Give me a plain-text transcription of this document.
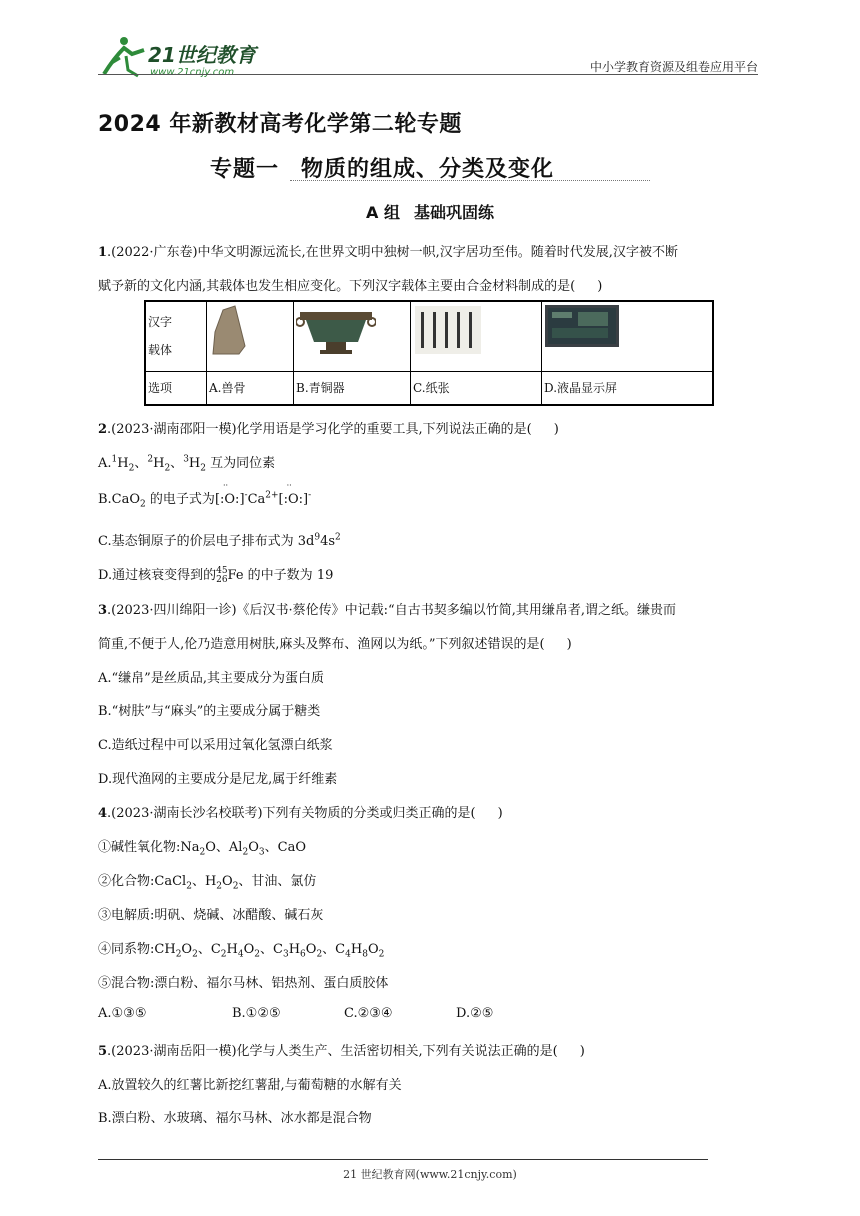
21世纪教育
www.21cnjy.com	中小学教育资源及组卷应用平台
2024 年新教材高考化学第二轮专题
专题一 物质的组成、分类及变化
A 组 基础巩固练
1.(2022·广东卷)中华文明源远流长,在世界文明中独树一帜,汉字居功至伟。随着时代发展,汉字被不断
赋予新的文化内涵,其载体也发生相应变化。下列汉字载体主要由合金材料制成的是( )
汉字
载体

选项	A.兽骨	B.青铜器	C.纸张	D.液晶显示屏
2.(2023·湖南邵阳一模)化学用语是学习化学的重要工具,下列说法正确的是( )
$A.^1H_2$、$^2H_2$、$^3H_2$ 互为同位素
B.CaO$_2$ 的电子式为[
··
$:O:]^-Ca^{2+}$[
··
:O:]-
C.基态铜原子的价层电子排布式为 $3d^94s^2$
D.通过核衰变得到的 45
26 Fe 的中子数为 19
3.(2023·四川绵阳一诊)《后汉书·蔡伦传》中记载:“自古书契多编以竹简,其用缣帛者,谓之纸。缣贵而
简重,不便于人,伦乃造意用树肤,麻头及弊布、渔网以为纸。”下列叙述错误的是( )
A.“缣帛”是丝质品,其主要成分为蛋白质
B.“树肤”与“麻头”的主要成分属于糖类
C.造纸过程中可以采用过氧化氢漂白纸浆
D.现代渔网的主要成分是尼龙,属于纤维素
4.(2023·湖南长沙名校联考)下列有关物质的分类或归类正确的是( )
①碱性氧化物$:Na_2O$、$Al_2O_3$、CaO
②化合物:CaCl$_2$、$H_2O_2$、甘油、氯仿
③电解质:明矾、烧碱、冰醋酸、碱石灰
④同系物$:CH_2O_2$、$C_2H_4O_2$、$C_3H_6O_2$、$C_4H_8O_2$
⑤混合物:漂白粉、福尔马林、铝热剂、蛋白质胶体
A.①③⑤	B.①②⑤	C.②③④	D.②⑤
5.(2023·湖南岳阳一模)化学与人类生产、生活密切相关,下列有关说法正确的是( )
A.放置较久的红薯比新挖红薯甜,与葡萄糖的水解有关
B.漂白粉、水玻璃、福尔马林、冰水都是混合物
21 世纪教育网(www.21cnjy.com)
